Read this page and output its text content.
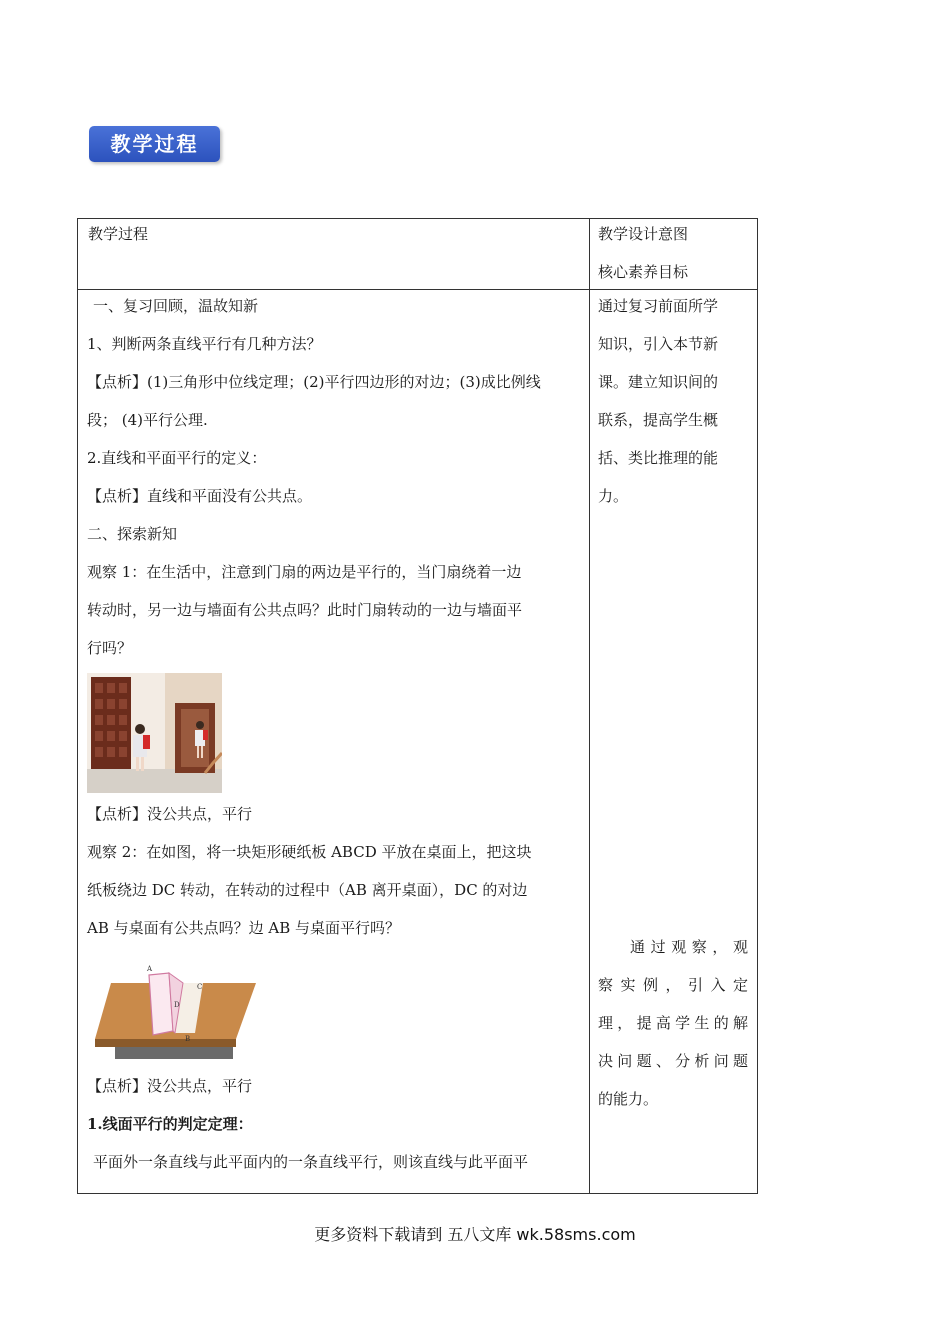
教学过程
教学过程	教学设计意图

核心素养目标

一、复习回顾，温故知新

1、判断两条直线平行有几种方法？

【点析】(1)三角形中位线定理；(2)平行四边形的对边；(3)成比例线

段； (4)平行公理.

2.直线和平面平行的定义：

【点析】直线和平面没有公共点。

二、探索新知

观察 1：在生活中，注意到门扇的两边是平行的，当门扇绕着一边

转动时，另一边与墙面有公共点吗？此时门扇转动的一边与墙面平

行吗？

【点析】没公共点，平行

观察 2：在如图，将一块矩形硬纸板 ABCD 平放在桌面上，把这块

纸板绕边 DC 转动，在转动的过程中（AB 离开桌面），DC 的对边

AB 与桌面有公共点吗？边 AB 与桌面平行吗？

A
B
C
D

【点析】没公共点，平行

1.线面平行的判定定理：

平面外一条直线与此平面内的一条直线平行，则该直线与此平面平

通过复习前面所学

知识，引入本节新

课。建立知识间的

联系，提高学生概

括、类比推理的能

力。

通过观察，观

察实例，引入定

理，提高学生的解

决问题、分析问题

的能力。

更多资料下载请到 五八文库 wk.58sms.com
